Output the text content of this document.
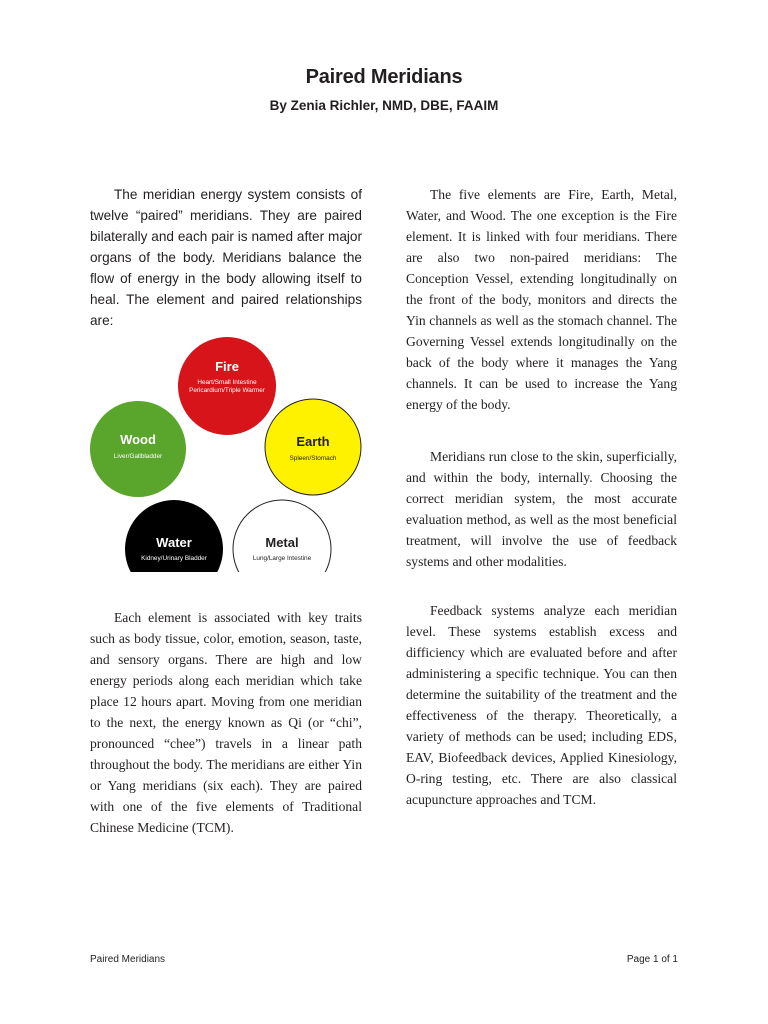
Paired Meridians
By Zenia Richler, NMD, DBE, FAAIM

The meridian energy system consists of twelve “paired” meridians. They are paired bilaterally and each pair is named after major organs of the body. Meridians balance the flow of energy in the body allowing itself to heal. The element and paired relationships are:

Fire
Heart/Small Intestine
Pericardium/Triple Warmer
Earth
Spleen/Stomach
Metal
Lung/Large Intestine
Water
Kidney/Urinary Bladder
Wood
Liver/Gallbladder

Each element is associated with key traits such as body tissue, color, emotion, season, taste, and sensory organs. There are high and low energy periods along each meridian which take place 12 hours apart. Moving from one meridian to the next, the energy known as Qi (or “chi”, pronounced “chee”) travels in a linear path throughout the body. The meridians are either Yin or Yang meridians (six each). They are paired with one of the five elements of Traditional Chinese Medicine (TCM).

The five elements are Fire, Earth, Metal, Water, and Wood. The one exception is the Fire element. It is linked with four meridians. There are also two non-paired meridians: The Conception Vessel, extending longitudinally on the front of the body, monitors and directs the Yin channels as well as the stomach channel. The Governing Vessel extends longitudinally on the back of the body where it manages the Yang channels. It can be used to increase the Yang energy of the body.

Meridians run close to the skin, superficially, and within the body, internally. Choosing the correct meridian system, the most accurate evaluation method, as well as the most beneficial treatment, will involve the use of feedback systems and other modalities.

Feedback systems analyze each meridian level. These systems establish excess and difficiency which are evaluated before and after administering a specific technique. You can then determine the suitability of the treatment and the effectiveness of the therapy. Theoretically, a variety of methods can be used; including EDS, EAV, Biofeedback devices, Applied Kinesiology, O-ring testing, etc. There are also classical acupuncture approaches and TCM.

Paired Meridians	Page 1 of 1
